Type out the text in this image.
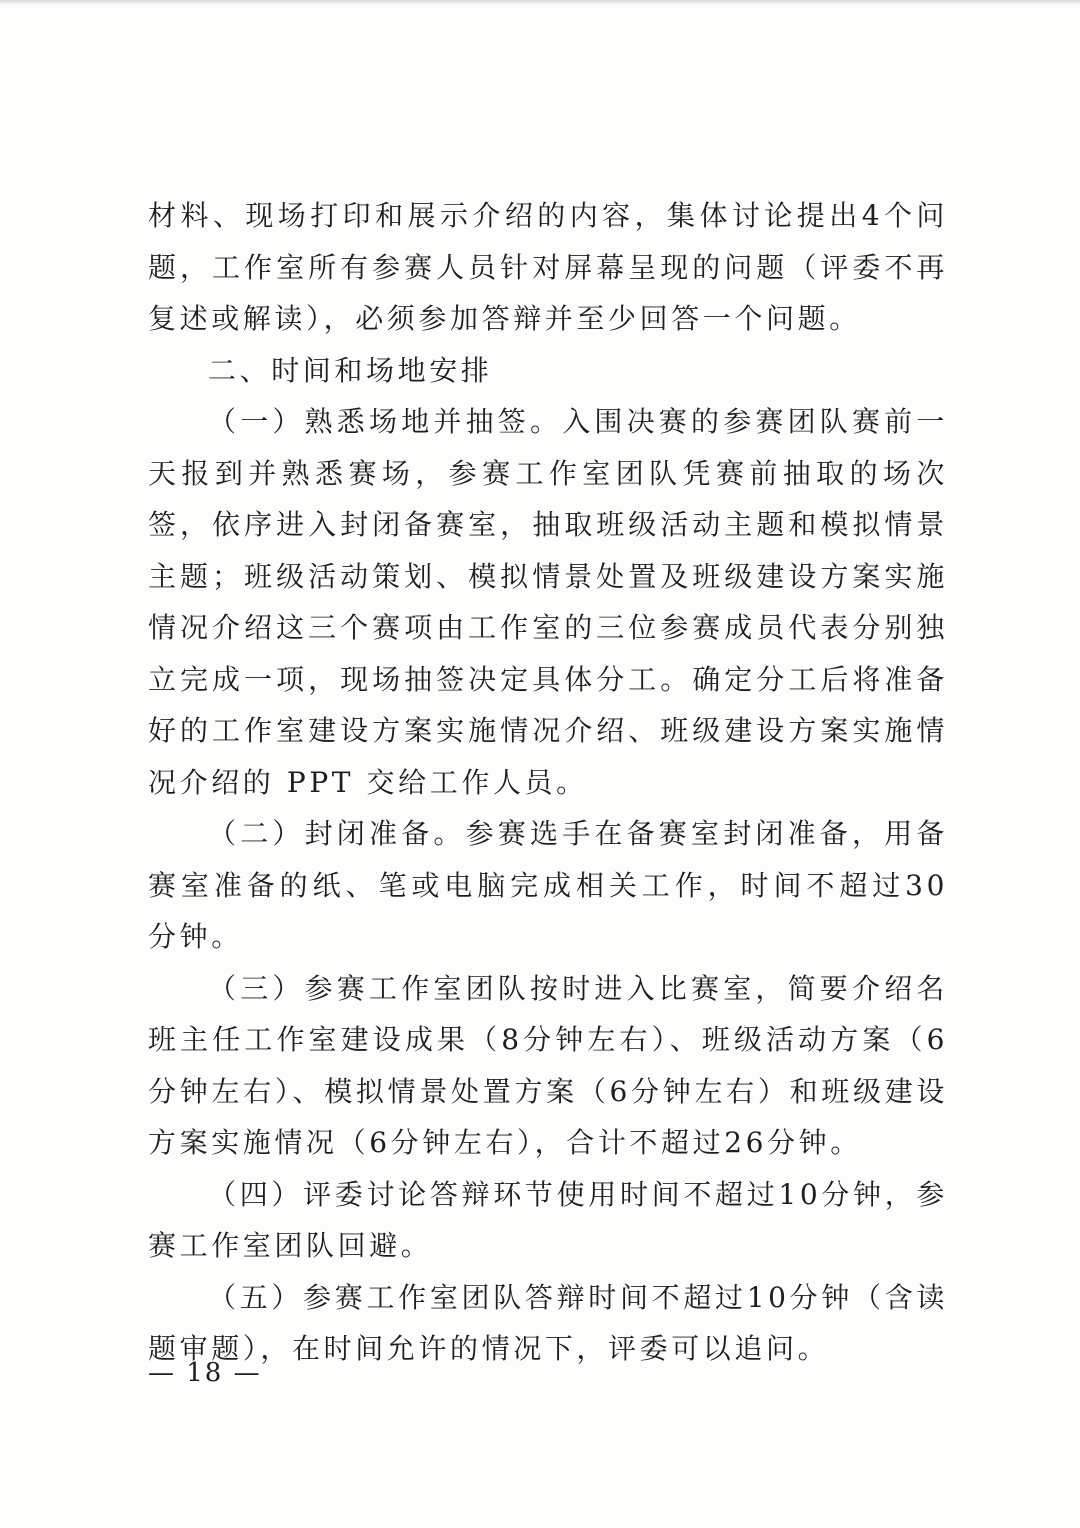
材料、现场打印和展示介绍的内容，集体讨论提出4个问题，工作室所有参赛人员针对屏幕呈现的问题（评委不再复述或解读），必须参加答辩并至少回答一个问题。

二、时间和场地安排

（一）熟悉场地并抽签。入围决赛的参赛团队赛前一天报到并熟悉赛场，参赛工作室团队凭赛前抽取的场次签，依序进入封闭备赛室，抽取班级活动主题和模拟情景主题；班级活动策划、模拟情景处置及班级建设方案实施情况介绍这三个赛项由工作室的三位参赛成员代表分别独立完成一项，现场抽签决定具体分工。确定分工后将准备好的工作室建设方案实施情况介绍、班级建设方案实施情况介绍的 PPT 交给工作人员。

（二）封闭准备。参赛选手在备赛室封闭准备，用备赛室准备的纸、笔或电脑完成相关工作，时间不超过30分钟。

（三）参赛工作室团队按时进入比赛室，简要介绍名班主任工作室建设成果（8分钟左右）、班级活动方案（6分钟左右）、模拟情景处置方案（6分钟左右）和班级建设方案实施情况（6分钟左右），合计不超过26分钟。

（四）评委讨论答辩环节使用时间不超过10分钟，参赛工作室团队回避。

（五）参赛工作室团队答辩时间不超过10分钟（含读题审题），在时间允许的情况下，评委可以追问。

— 18 —
